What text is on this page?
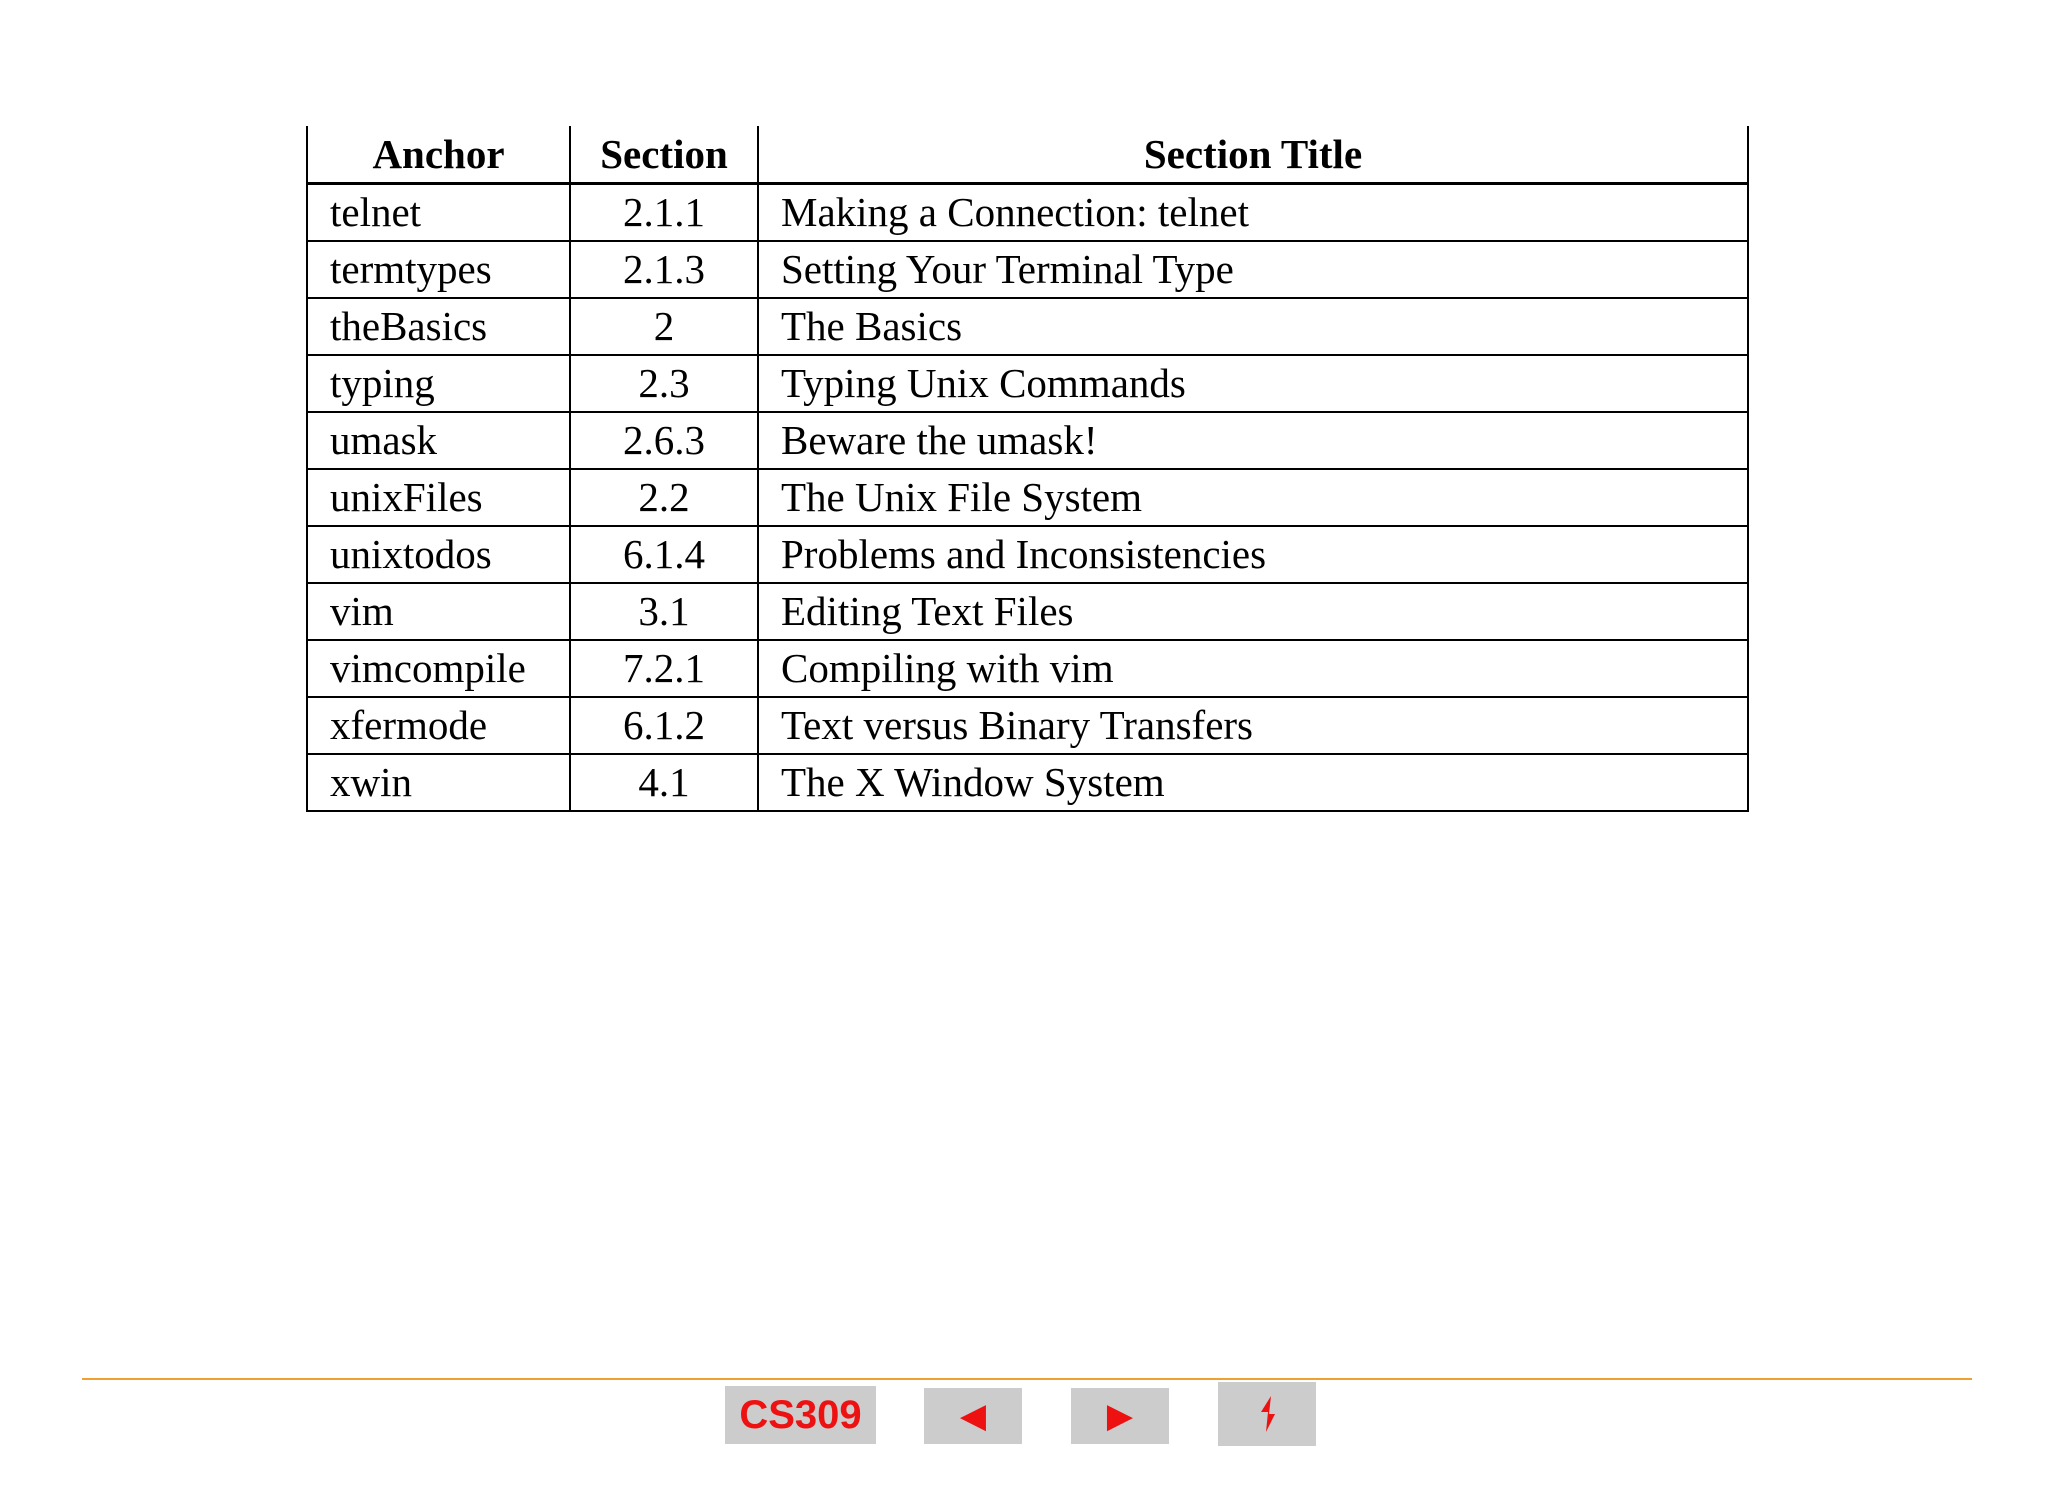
Anchor	Section	Section Title
telnet	2.1.1	Making a Connection: telnet
termtypes	2.1.3	Setting Your Terminal Type
theBasics	2	The Basics
typing	2.3	Typing Unix Commands
umask	2.6.3	Beware the umask!
unixFiles	2.2	The Unix File System
unixtodos	6.1.4	Problems and Inconsistencies
vim	3.1	Editing Text Files
vimcompile	7.2.1	Compiling with vim
xfermode	6.1.2	Text versus Binary Transfers
xwin	4.1	The X Window System
CS309	◀	▶
